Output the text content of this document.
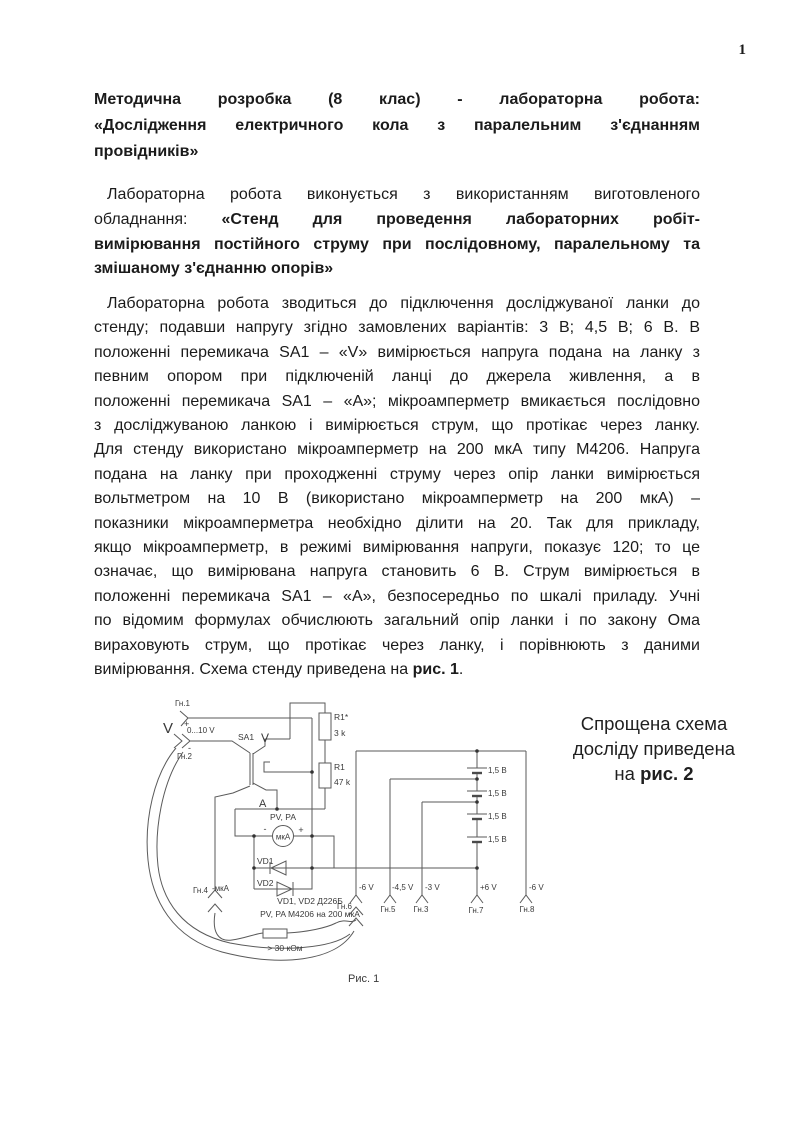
1
Методична розробка (8 клас) - лабораторна робота:
«Дослідження електричного кола з паралельним з'єднанням
провідників»
Лабораторна робота виконується з використанням виготовленого
обладнання: «Стенд для проведення лабораторних робіт-
вимірювання постійного струму при послідовному, паралельному та
змішаному з'єднанню опорів»
Лабораторна робота зводиться до підключення досліджуваної ланки до
стенду; подавши напругу згідно замовлених варіантів: 3 В; 4,5 В; 6 В. В
положенні перемикача SA1 – «V» вимірюється напруга подана на ланку з
певним опором при підключеній ланці до джерела живлення, а в
положенні перемикача SA1 – «А»; мікроамперметр вмикається послідовно
з досліджуваною ланкою і вимірюється струм, що протікає через ланку.
Для стенду використано мікроамперметр на 200 мкА типу М4206. Напруга
подана на ланку при проходженні струму через опір ланки вимірюється
вольтметром на 10 В (використано мікроамперметр на 200 мкА) –
показники мікроамперметра необхідно ділити на 20. Так для прикладу,
якщо мікроамперметр, в режимі вимірювання напруги, показує 120; то це
означає, що вимірювана напруга становить 6 В. Струм вимірюється в
положенні перемикача SA1 – «А», безпосередньо по шкалі приладу. Учні
по відомим формулах обчислюють загальний опір ланки і по закону Ома
вираховують струм, що протікає через ланку, і порівнюють з даними
вимірювання. Схема стенду приведена на рис. 1.
Спрощена схема
досліду приведена
на рис. 2
Гн.1
+
V 0...10 V
-
Гн.2
SA1 V
A
R1*
3 k
R1
47 k
PV, PA
мкА
-	+
VD1
VD2
VD1, VD2 Д226Б
PV, PA М4206 на 200 мкА
Гн.4 -мкА
> 30 кОм
-6 V -4,5 V -3 V	+6 V	-6 V
Гн.6	Гн.5 Гн.3	Гн.7	Гн.8
1,5 В
1,5 В
1,5 В
1,5 В
Рис. 1
